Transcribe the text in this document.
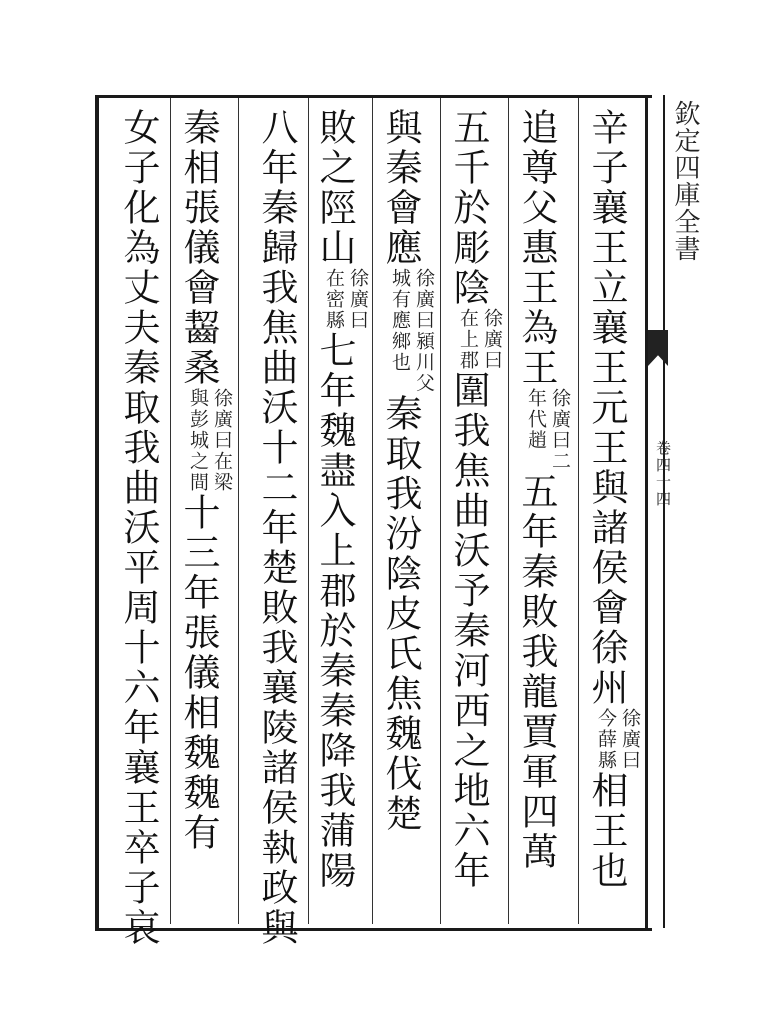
欽定四庫全書
卷四十四
辛子襄王立襄王元王與諸侯會徐州
徐廣曰
今薛縣
相王也
追尊父惠王為王
徐廣曰二
年代趙
五年秦敗我龍賈軍四萬
五千於彫陰
徐廣曰
在上郡
圍我焦曲沃予秦河西之地六年
與秦會應
徐廣曰潁川父
城有應鄉也
秦取我汾陰皮氏焦魏伐楚
敗之陘山
徐廣曰
在密縣
七年魏盡入上郡於秦秦降我蒲陽
八年秦歸我焦曲沃十二年楚敗我襄陵諸侯執政與
秦相張儀會齧桑
徐廣曰在梁
與彭城之間
十三年張儀相魏魏有
女子化為丈夫秦取我曲沃平周十六年襄王卒子哀
